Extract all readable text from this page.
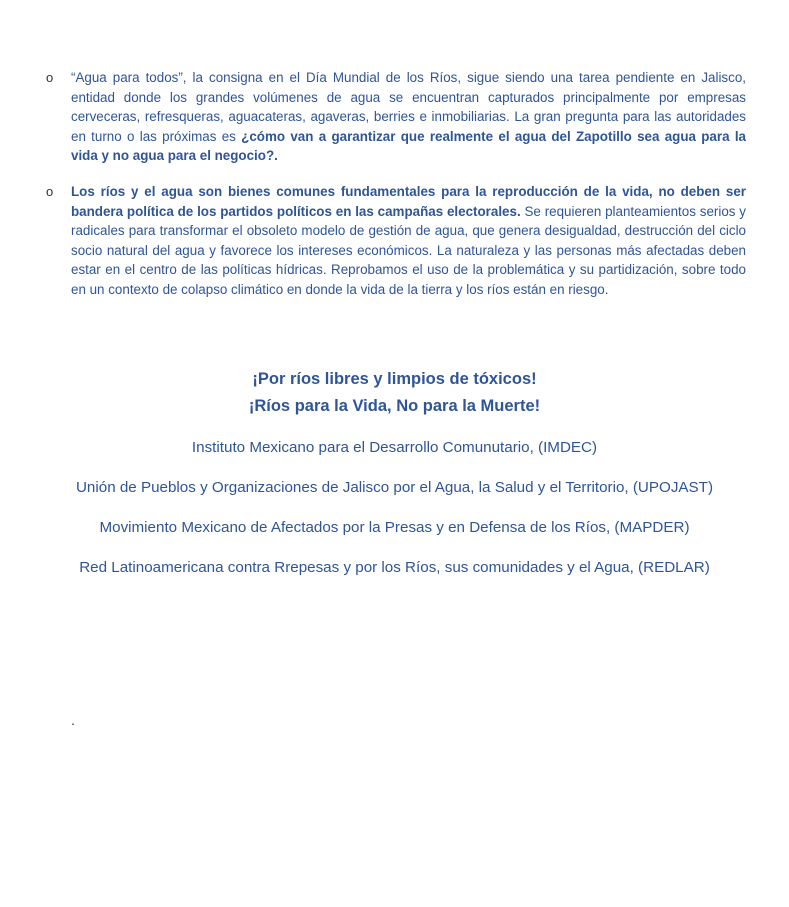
o “Agua para todos”, la consigna en el Día Mundial de los Ríos, sigue siendo una tarea pendiente en Jalisco, entidad donde los grandes volúmenes de agua se encuentran capturados principalmente por empresas cerveceras, refresqueras, aguacateras, agaveras, berries e inmobiliarias. La gran pregunta para las autoridades en turno o las próximas es ¿cómo van a garantizar que realmente el agua del Zapotillo sea agua para la vida y no agua para el negocio?.
o Los ríos y el agua son bienes comunes fundamentales para la reproducción de la vida, no deben ser bandera política de los partidos políticos en las campañas electorales. Se requieren planteamientos serios y radicales para transformar el obsoleto modelo de gestión de agua, que genera desigualdad, destrucción del ciclo socio natural del agua y favorece los intereses económicos. La naturaleza y las personas más afectadas deben estar en el centro de las políticas hídricas. Reprobamos el uso de la problemática y su partidización, sobre todo en un contexto de colapso climático en donde la vida de la tierra y los ríos están en riesgo.
¡Por ríos libres y limpios de tóxicos!
¡Ríos para la Vida, No para la Muerte!
Instituto Mexicano para el Desarrollo Comunutario, (IMDEC)
Unión de Pueblos y Organizaciones de Jalisco por el Agua, la Salud y el Territorio, (UPOJAST)
Movimiento Mexicano de Afectados por la Presas y en Defensa de los Ríos, (MAPDER)
Red Latinoamericana contra Rrepesas y por los Ríos, sus comunidades y el Agua, (REDLAR)
.
